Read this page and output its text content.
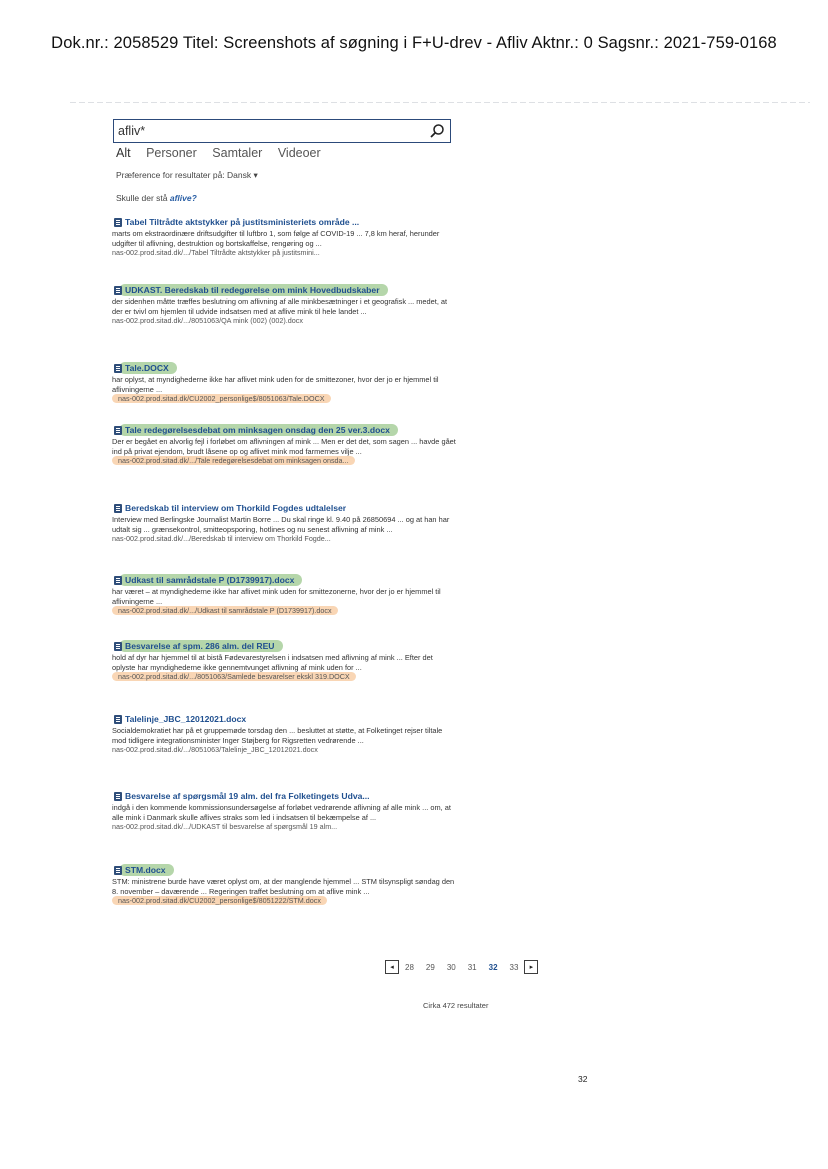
Dok.nr.: 2058529 Titel: Screenshots af søgning i F+U-drev - Afliv Aktnr.: 0 Sagsnr.: 2021-759-0168
afliv*
Alt Personer Samtaler Videoer
Præference for resultater på: Dansk ▾
Skulle der stå aflive?
Tabel Tiltrådte aktstykker på justitsministeriets område ...
marts om ekstraordinære driftsudgifter til luftbro 1, som følge af COVID-19 ... 7,8 km heraf, herunder udgifter til aflivning, destruktion og bortskaffelse, rengøring og ...
nas-002.prod.sitad.dk/.../Tabel Tiltrådte aktstykker på justitsmini...
UDKAST. Beredskab til redegørelse om mink Hovedbudskaber
der sidenhen måtte træffes beslutning om aflivning af alle minkbesætninger i et geografisk ... medet, at der er tvivl om hjemlen til udvide indsatsen med at aflive mink til hele landet ...
nas-002.prod.sitad.dk/.../8051063/QA mink (002) (002).docx
Tale.DOCX
har oplyst, at myndighederne ikke har aflivet mink uden for de smittezoner, hvor der jo er hjemmel til aflivningerne ...
nas-002.prod.sitad.dk/CU2002_personlige$/8051063/Tale.DOCX
Tale redegørelsesdebat om minksagen onsdag den 25 ver.3.docx
Der er begået en alvorlig fejl i forløbet om aflivningen af mink ... Men er det det, som sagen ... havde gået ind på privat ejendom, brudt låsene op og aflivet mink mod farmernes vilje ...
nas-002.prod.sitad.dk/.../Tale redegørelsesdebat om minksagen onsda...
Beredskab til interview om Thorkild Fogdes udtalelser
Interview med Berlingske Journalist Martin Borre ... Du skal ringe kl. 9.40 på 26850694 ... og at han har udtalt sig ... grænsekontrol, smitteopsporing, hotlines og nu senest aflivning af mink ...
nas-002.prod.sitad.dk/.../Beredskab til interview om Thorkild Fogde...
Udkast til samrådstale P (D1739917).docx
har været – at myndighederne ikke har aflivet mink uden for smittezonerne, hvor der jo er hjemmel til aflivningerne ...
nas-002.prod.sitad.dk/.../Udkast til samrådstale P (D1739917).docx
Besvarelse af spm. 286 alm. del REU
hold af dyr har hjemmel til at bistå Fødevarestyrelsen i indsatsen med aflivning af mink ... Efter det oplyste har myndighederne ikke gennemtvunget aflivning af mink uden for ...
nas-002.prod.sitad.dk/.../8051063/Samlede besvarelser ekskl 319.DOCX
Talelinje_JBC_12012021.docx
Socialdemokratiet har på et gruppemøde torsdag den ... besluttet at støtte, at Folketinget rejser tiltale mod tidligere integrationsminister Inger Støjberg for Rigsretten vedrørende ...
nas-002.prod.sitad.dk/.../8051063/Talelinje_JBC_12012021.docx
Besvarelse af spørgsmål 19 alm. del fra Folketingets Udva...
indgå i den kommende kommissionsundersøgelse af forløbet vedrørende aflivning af alle mink ... om, at alle mink i Danmark skulle aflives straks som led i indsatsen til bekæmpelse af ...
nas-002.prod.sitad.dk/.../UDKAST til besvarelse af spørgsmål 19 alm...
STM.docx
STM: ministrene burde have været oplyst om, at der manglende hjemmel ... STM tilsynspligt søndag den 8. november – daværende ... Regeringen traffet beslutning om at aflive mink ...
nas-002.prod.sitad.dk/CU2002_personlige$/8051222/STM.docx
◂	28 29 30 31 32 33	▸
Cirka 472 resultater
32
